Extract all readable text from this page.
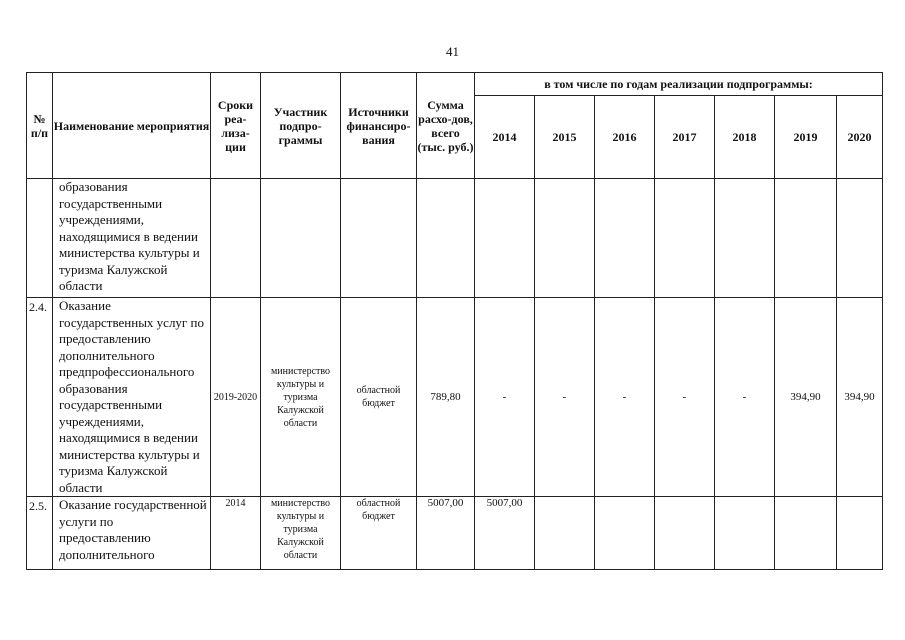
41
№ п/п	Наименование мероприятия	Сроки реа-лиза-ции	Участник подпро-граммы	Источники финансиро-вания	Сумма расхо-дов, всего (тыс. руб.)	в том числе по годам реализации подпрограммы:						
						2014	2015	2016	2017	2018	2019	2020
	образования государственными учреждениями, находящимися в ведении министерства культуры и туризма Калужской области											
2.4.	Оказание государственных услуг по предоставлению дополнительного предпрофессионального образования государственными учреждениями, находящимися в ведении министерства культуры и туризма Калужской области	2019-2020	министерство культуры и туризма Калужской области	областной бюджет	789,80	-	-	-	-	-	394,90	394,90
2.5.	Оказание государственной услуги по предоставлению дополнительного	2014	министерство культуры и туризма Калужской области	областной бюджет	5007,00	5007,00						
